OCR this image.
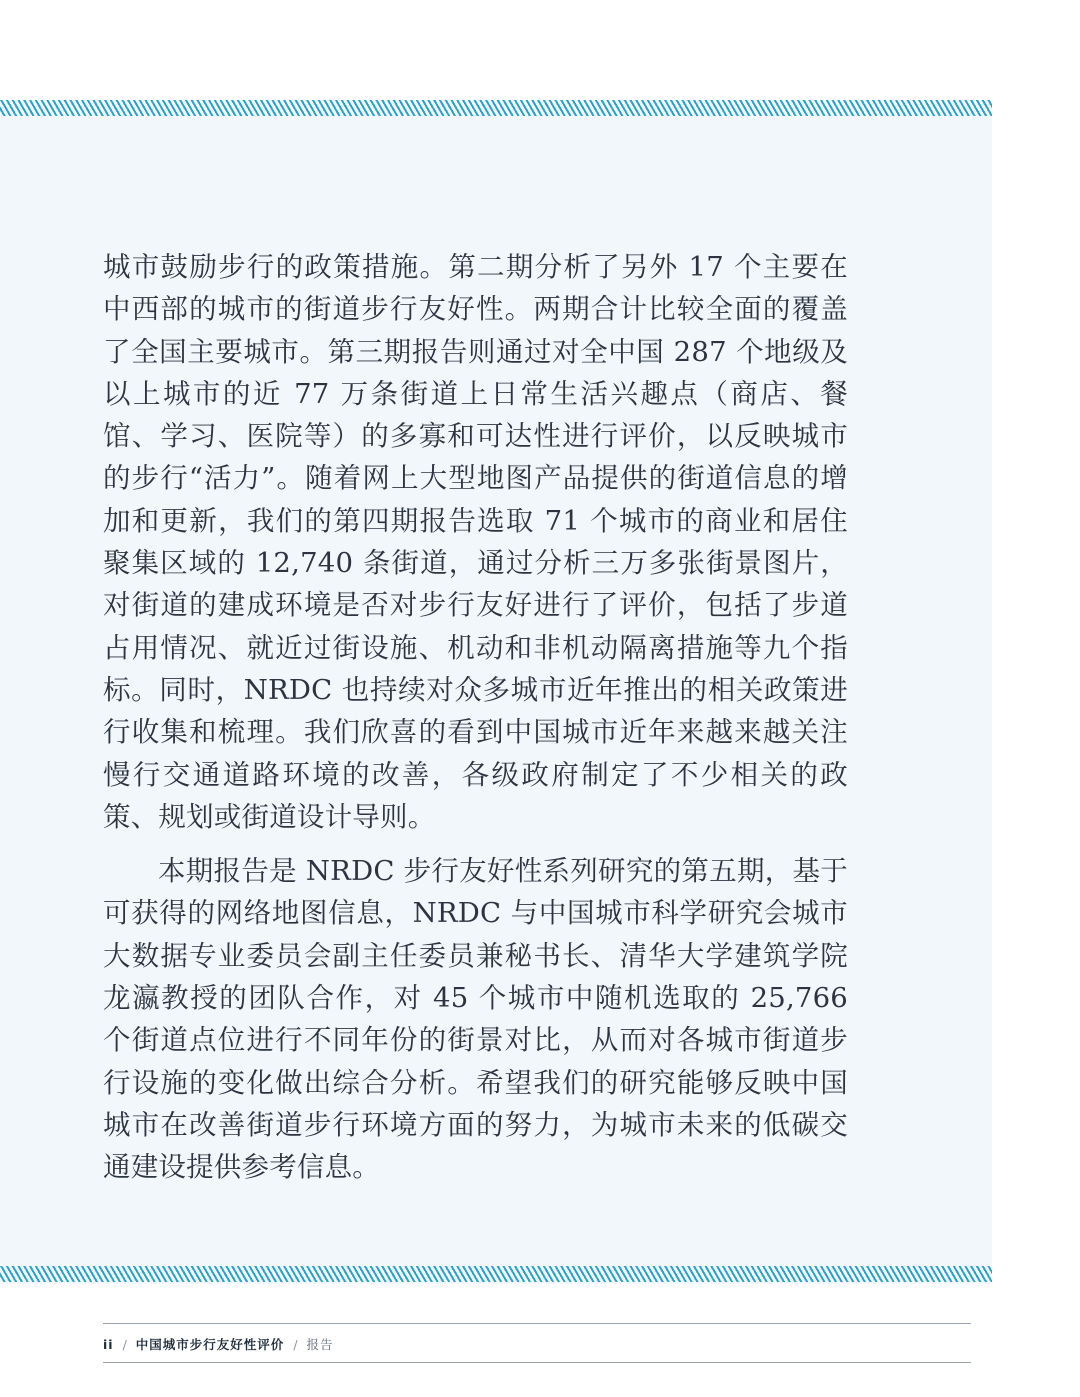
城市鼓励步行的政策措施。第二期分析了另外 17 个主要在中西部的城市的街道步行友好性。两期合计比较全面的覆盖了全国主要城市。第三期报告则通过对全中国 287 个地级及以上城市的近 77 万条街道上日常生活兴趣点（商店、餐馆、学习、医院等）的多寡和可达性进行评价，以反映城市的步行“活力”。随着网上大型地图产品提供的街道信息的增加和更新，我们的第四期报告选取 71 个城市的商业和居住聚集区域的 12,740 条街道，通过分析三万多张街景图片，对街道的建成环境是否对步行友好进行了评价，包括了步道占用情况、就近过街设施、机动和非机动隔离措施等九个指标。同时，NRDC 也持续对众多城市近年推出的相关政策进行收集和梳理。我们欣喜的看到中国城市近年来越来越关注慢行交通道路环境的改善，各级政府制定了不少相关的政策、规划或街道设计导则。

本期报告是 NRDC 步行友好性系列研究的第五期，基于可获得的网络地图信息，NRDC 与中国城市科学研究会城市大数据专业委员会副主任委员兼秘书长、清华大学建筑学院龙瀛教授的团队合作，对 45 个城市中随机选取的 25,766 个街道点位进行不同年份的街景对比，从而对各城市街道步行设施的变化做出综合分析。希望我们的研究能够反映中国城市在改善街道步行环境方面的努力，为城市未来的低碳交通建设提供参考信息。

ii / 中国城市步行友好性评价 / 报告
